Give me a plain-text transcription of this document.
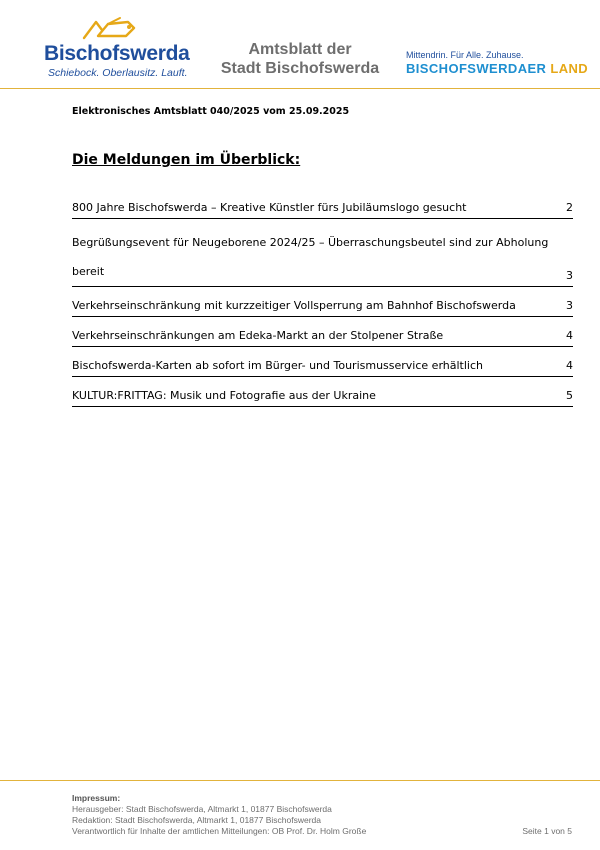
Bischofswerda
Schiebock. Oberlausitz. Lauft.
Amtsblatt der
Stadt Bischofswerda
Mittendrin. Für Alle. Zuhause.
BISCHOFSWERDAER LAND
Elektronisches Amtsblatt 040/2025 vom 25.09.2025
Die Meldungen im Überblick:
800 Jahre Bischofswerda – Kreative Künstler fürs Jubiläumslogo gesucht	2
Begrüßungsevent für Neugeborene 2024/25 – Überraschungsbeutel sind zur Abholung bereit	3
Verkehrseinschränkung mit kurzzeitiger Vollsperrung am Bahnhof Bischofswerda	3
Verkehrseinschränkungen am Edeka-Markt an der Stolpener Straße	4
Bischofswerda-Karten ab sofort im Bürger- und Tourismusservice erhältlich	4
KULTUR:FRITTAG: Musik und Fotografie aus der Ukraine	5
Impressum:
Herausgeber: Stadt Bischofswerda, Altmarkt 1, 01877 Bischofswerda
Redaktion: Stadt Bischofswerda, Altmarkt 1, 01877 Bischofswerda
Verantwortlich für Inhalte der amtlichen Mitteilungen: OB Prof. Dr. Holm Große	Seite 1 von 5
